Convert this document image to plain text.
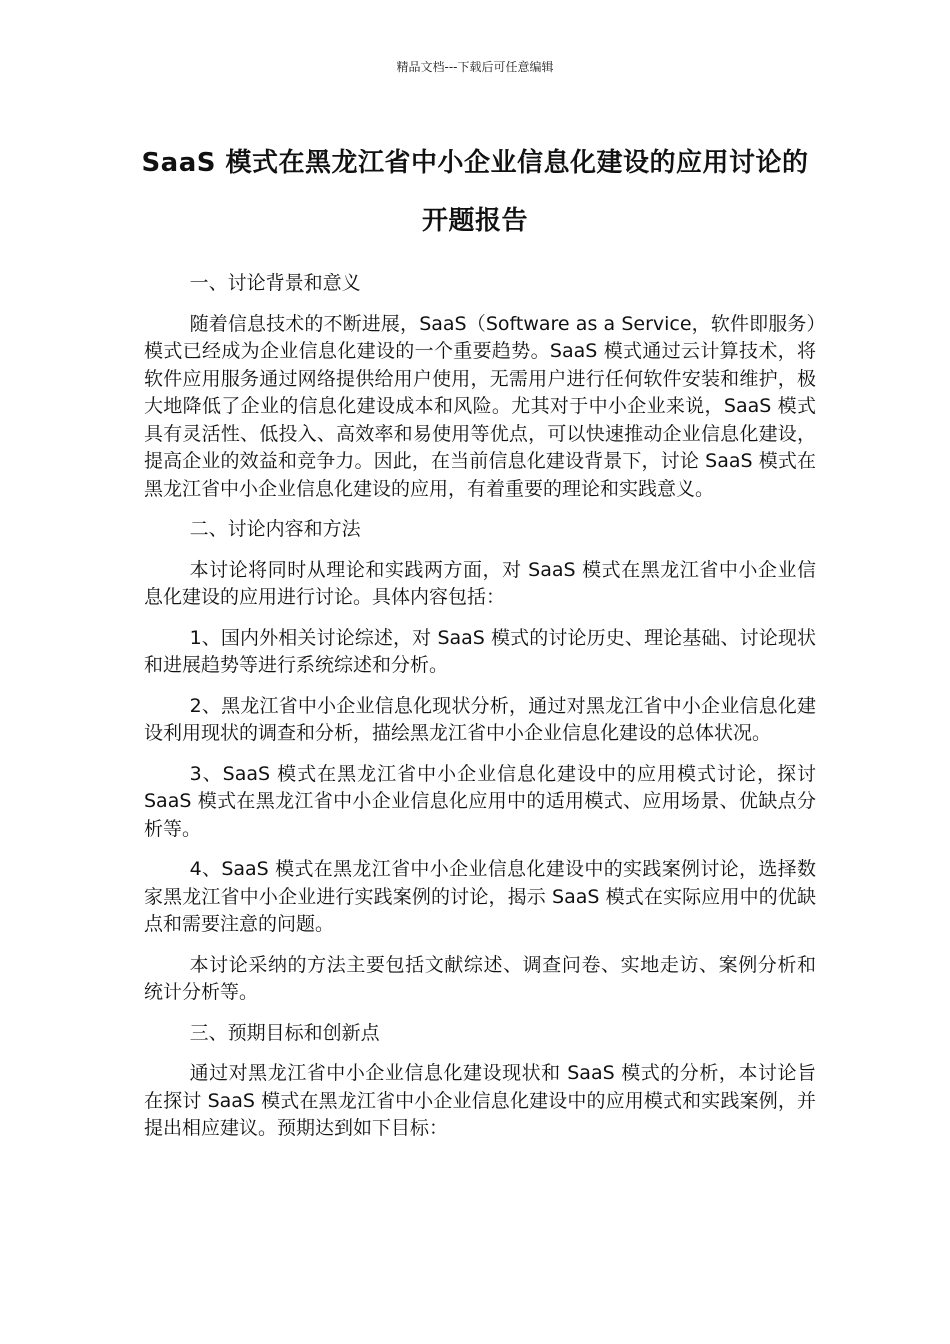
精品文档---下载后可任意编辑
SaaS 模式在黑龙江省中小企业信息化建设的应用讨论的开题报告

一、讨论背景和意义

随着信息技术的不断进展，SaaS（Software as a Service，软件即服务）模式已经成为企业信息化建设的一个重要趋势。SaaS 模式通过云计算技术，将软件应用服务通过网络提供给用户使用，无需用户进行任何软件安装和维护，极大地降低了企业的信息化建设成本和风险。尤其对于中小企业来说，SaaS 模式具有灵活性、低投入、高效率和易使用等优点，可以快速推动企业信息化建设，提高企业的效益和竞争力。因此，在当前信息化建设背景下，讨论 SaaS 模式在黑龙江省中小企业信息化建设的应用，有着重要的理论和实践意义。

二、讨论内容和方法

本讨论将同时从理论和实践两方面，对 SaaS 模式在黑龙江省中小企业信息化建设的应用进行讨论。具体内容包括：

1、国内外相关讨论综述，对 SaaS 模式的讨论历史、理论基础、讨论现状和进展趋势等进行系统综述和分析。

2、黑龙江省中小企业信息化现状分析，通过对黑龙江省中小企业信息化建设利用现状的调查和分析，描绘黑龙江省中小企业信息化建设的总体状况。

3、SaaS 模式在黑龙江省中小企业信息化建设中的应用模式讨论，探讨 SaaS 模式在黑龙江省中小企业信息化应用中的适用模式、应用场景、优缺点分析等。

4、SaaS 模式在黑龙江省中小企业信息化建设中的实践案例讨论，选择数家黑龙江省中小企业进行实践案例的讨论，揭示 SaaS 模式在实际应用中的优缺点和需要注意的问题。

本讨论采纳的方法主要包括文献综述、调查问卷、实地走访、案例分析和统计分析等。

三、预期目标和创新点

通过对黑龙江省中小企业信息化建设现状和 SaaS 模式的分析，本讨论旨在探讨 SaaS 模式在黑龙江省中小企业信息化建设中的应用模式和实践案例，并提出相应建议。预期达到如下目标：
